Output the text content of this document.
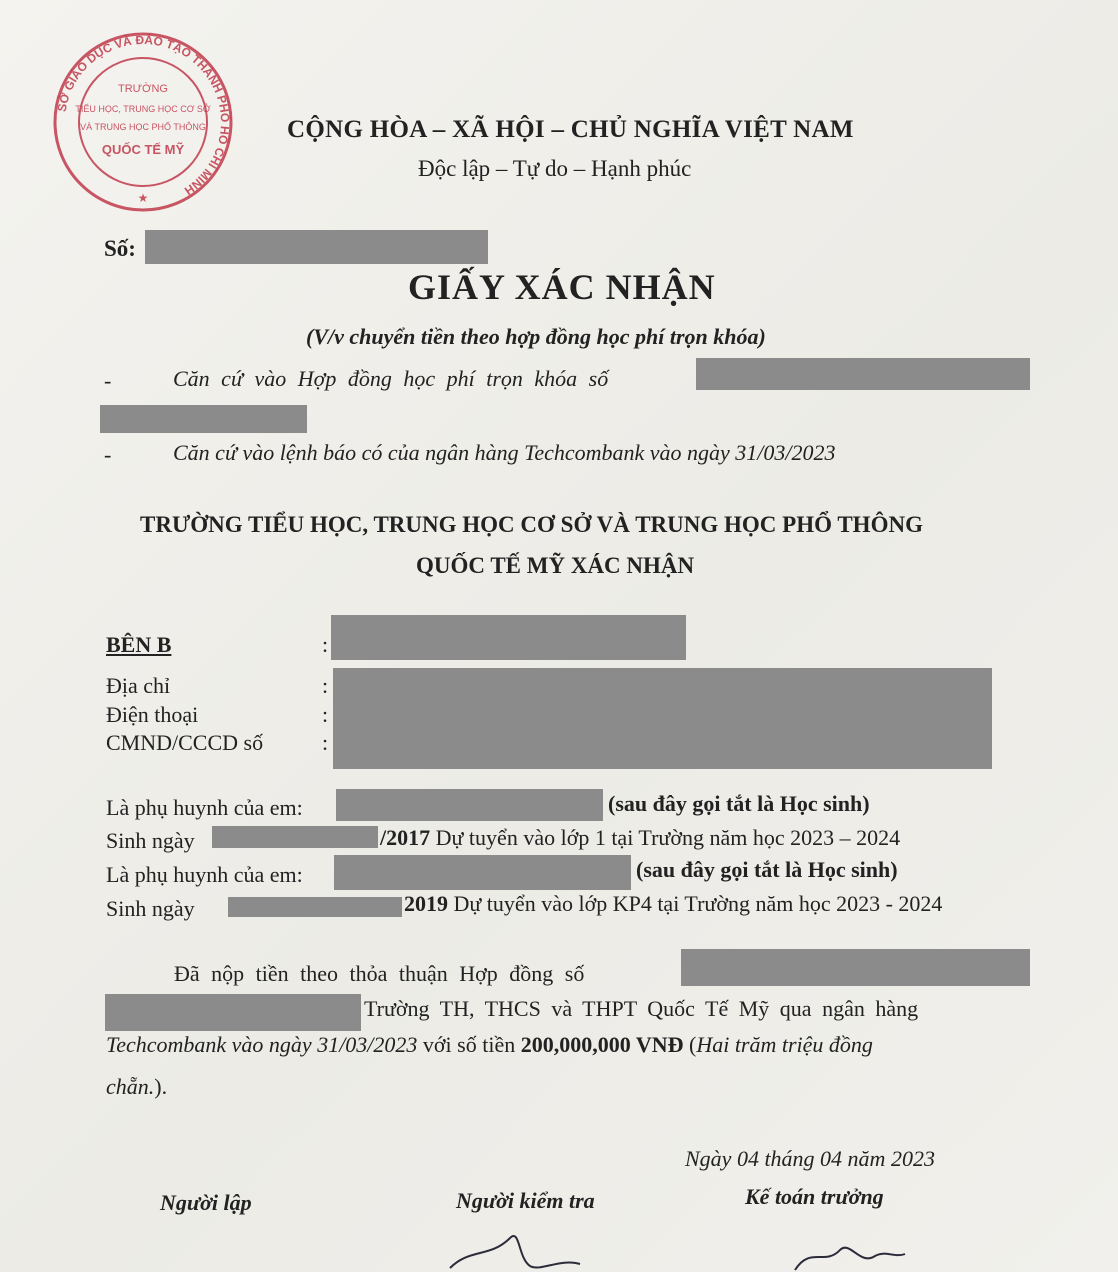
SỞ GIÁO DỤC VÀ ĐÀO TẠO THÀNH PHỐ HỒ CHÍ MINH
TRƯỜNG
TIỂU HỌC, TRUNG HỌC CƠ SỞ
VÀ TRUNG HỌC PHỔ THÔNG
QUỐC TẾ MỸ
★
CỘNG HÒA – XÃ HỘI – CHỦ NGHĨA VIỆT NAM
Độc lập – Tự do – Hạnh phúc
Số:
GIẤY XÁC NHẬN
(V/v chuyển tiền theo hợp đồng học phí trọn khóa)
-	Căn cứ vào Hợp đồng học phí trọn khóa số
-	Căn cứ vào lệnh báo có của ngân hàng Techcombank vào ngày 31/03/2023
TRƯỜNG TIỂU HỌC, TRUNG HỌC CƠ SỞ VÀ TRUNG HỌC PHỔ THÔNG
QUỐC TẾ MỸ XÁC NHẬN
BÊN B	:
Địa chỉ	:
Điện thoại	:
CMND/CCCD số	:
Là phụ huynh của em:	(sau đây gọi tắt là Học sinh)
Sinh ngày	/2017 Dự tuyển vào lớp 1 tại Trường năm học 2023 – 2024
Là phụ huynh của em:	(sau đây gọi tắt là Học sinh)
Sinh ngày	2019 Dự tuyển vào lớp KP4 tại Trường năm học 2023 - 2024
Đã nộp tiền theo thỏa thuận Hợp đồng số
Trường TH, THCS và THPT Quốc Tế Mỹ qua ngân hàng
Techcombank vào ngày 31/03/2023 với số tiền 200,000,000 VNĐ (Hai trăm triệu đồng
chẵn.).
Ngày 04 tháng 04 năm 2023
Người lập	Người kiểm tra	Kế toán trưởng
